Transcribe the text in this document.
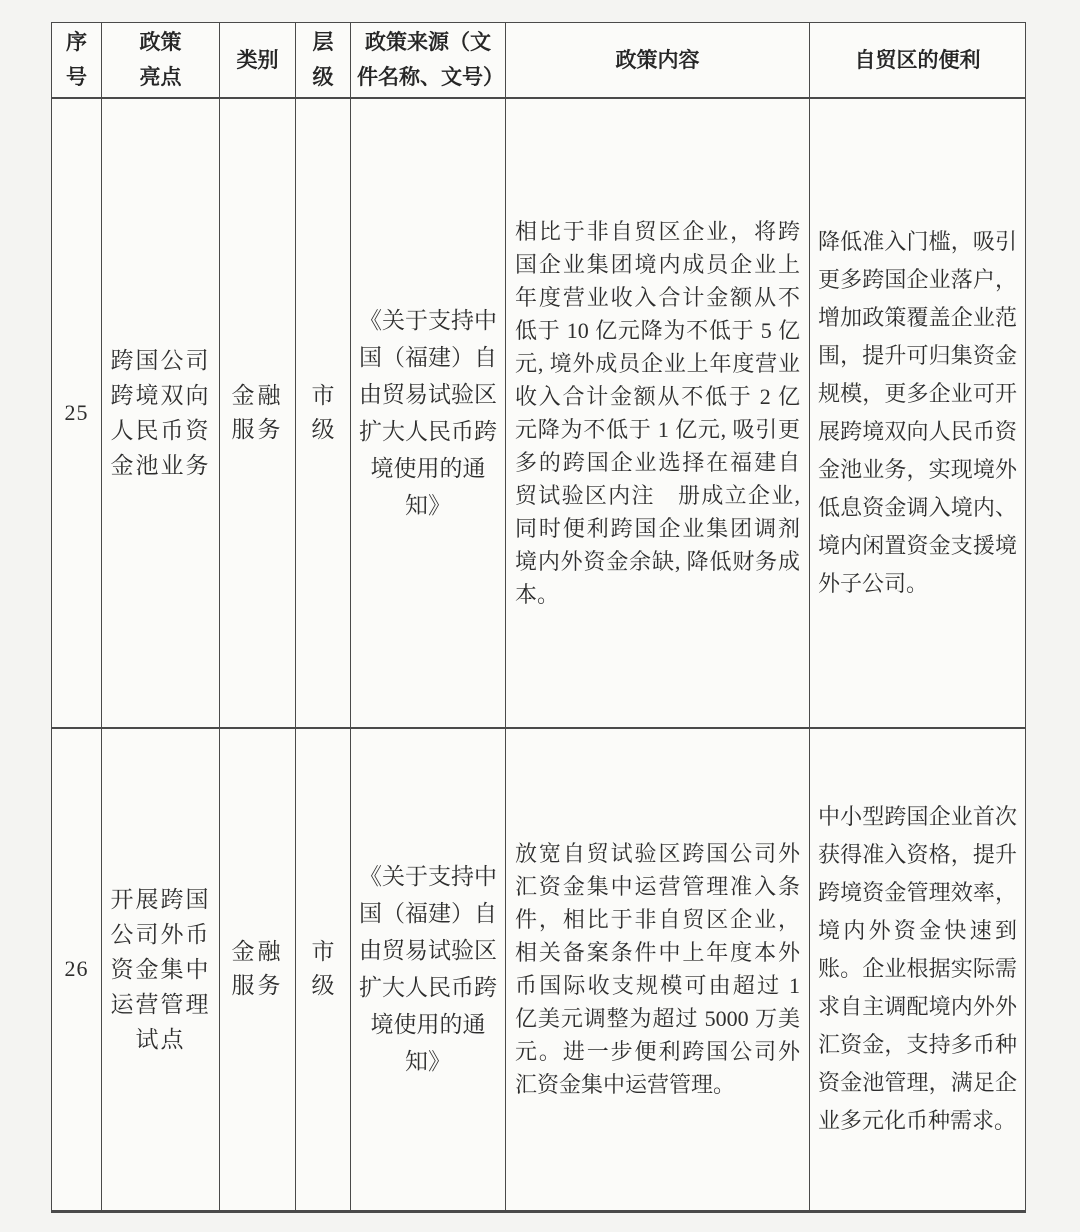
序号	政策亮点	类别	层级	政策来源（文件名称、文号）	政策内容	自贸区的便利
25	跨国公司跨境双向人民币资金池业务	金融服务	市级	《关于支持中国（福建）自由贸易试验区扩大人民币跨境使用的通知》	相比于非自贸区企业，将跨国企业集团境内成员企业上年度营业收入合计金额从不低于 10 亿元降为不低于 5 亿元, 境外成员企业上年度营业收入合计金额从不低于 2 亿元降为不低于 1 亿元, 吸引更多的跨国企业选择在福建自贸试验区内注　册成立企业, 同时便利跨国企业集团调剂境内外资金余缺, 降低财务成本。	降低准入门槛，吸引更多跨国企业落户，增加政策覆盖企业范围，提升可归集资金规模，更多企业可开展跨境双向人民币资金池业务，实现境外低息资金调入境内、境内闲置资金支援境外子公司。
26	开展跨国公司外币资金集中运营管理试点	金融服务	市级	《关于支持中国（福建）自由贸易试验区扩大人民币跨境使用的通知》	放宽自贸试验区跨国公司外汇资金集中运营管理准入条件，相比于非自贸区企业，相关备案条件中上年度本外币国际收支规模可由超过 1 亿美元调整为超过 5000 万美元。进一步便利跨国公司外汇资金集中运营管理。	中小型跨国企业首次获得准入资格，提升跨境资金管理效率，境内外资金快速到账。企业根据实际需求自主调配境内外外汇资金，支持多币种资金池管理，满足企业多元化币种需求。
